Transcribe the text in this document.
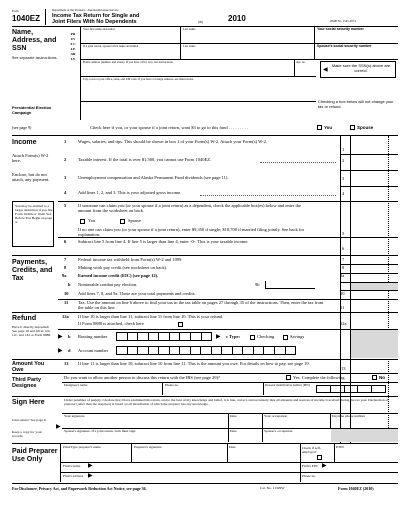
Form
1040EZ
Department of the Treasury—Internal Revenue Service
Income Tax Return for Single and
Joint Filers With No Dependents	(99)	2010	OMB No. 1545-0074
Name, Address, and SSN
See separate instructions.
PRINT CLEARLY
Your first name and initial	Last name	Your social security number
If a joint return, spouse's first name and initial	Last name	Spouse's social security number
Home address (number and street). If you have a P.O. box, see instructions.	Apt. no.
Make sure the SSN(s) above are correct.
◀
City, town or post office, state, and ZIP code. If you have a foreign address, see instructions.
Checking a box below will not change your tax or refund.
Presidential Election Campaign
(see page 9)	Check here if you, or your spouse if a joint return, want $3 to go to this fund . . . . . . . . .	You	Spouse
Income
Attach Form(s) W-2 here.
Enclose, but do not attach, any payment.
You may be entitled to a larger deduction if you file Form 1040A or 1040. See Before You Begin on page 4.
1	Wages, salaries, and tips. This should be shown in box 1 of your Form(s) W-2. Attach your Form(s) W-2.
1
2	Taxable interest. If the total is over $1,500, you cannot use Form 1040EZ.	2
3	Unemployment compensation and Alaska Permanent Fund dividends (see page 11).	3
4	Add lines 1, 2, and 3. This is your adjusted gross income.	4
5	If someone can claim you (or your spouse if a joint return) as a dependent, check the applicable box(es) below and enter the amount from the worksheet on back.
You	Spouse
If no one can claim you (or your spouse if a joint return), enter $9,350 if single; $18,700 if married filing jointly. See back for explanation.	5
6	Subtract line 5 from line 4. If line 5 is larger than line 4, enter -0-. This is your taxable income.
6
Payments, Credits, and Tax
7	Federal income tax withheld from Form(s) W-2 and 1099.	7
8	Making work pay credit (see worksheet on back).	8
9a	Earned income credit (EIC) (see page 12).	9a
b Nontaxable combat pay election.	9b
10 Add lines 7, 8, and 9a. These are your total payments and credits.	10
11 Tax. Use the amount on line 6 above to find your tax in the tax table on pages 27 through 35 of the instructions. Then, enter the tax from the table on this line.	11
Refund
Have it directly deposited! See page 18 and fill in 12b, 12c, and 12d or Form 8888.
12a If line 10 is larger than line 11, subtract line 11 from line 10. This is your refund.
If Form 8888 is attached, check here	12a
▶ b Routing number	▶ c Type:	Checking	Savings
▶ d Account number
Amount You Owe
13 If line 11 is larger than line 10, subtract line 10 from line 11. This is the amount you owe. For details on how to pay, see page 19.
13
Third Party Designee
Do you want to allow another person to discuss this return with the IRS (see page 20)?	Yes. Complete the following.	No
Designee's name	Phone no.	Personal identification number (PIN)
Sign Here
Joint return? See page 6.
Keep a copy for your records.
Under penalties of perjury, I declare that I have examined this return, and to the best of my knowledge and belief, it is true, correct, and accurately lists all amounts and sources of income I received during the tax year. Declaration of preparer (other than the taxpayer) is based on all information of which the preparer has any knowledge.
▶
Your signature	Date	Your occupation	Daytime phone number
Spouse's signature. If a joint return, both must sign.	Date	Spouse's occupation
Paid Preparer Use Only
Print/Type preparer's name	Preparer's signature	Date	Check if self-employed
PTIN
Firm's name ▶	Firm's EIN ▶
Firm's address ▶	Phone no.
For Disclosure, Privacy Act, and Paperwork Reduction Act Notice, see page 36.	Cat. No. 11329W	Form 1040EZ (2010)
